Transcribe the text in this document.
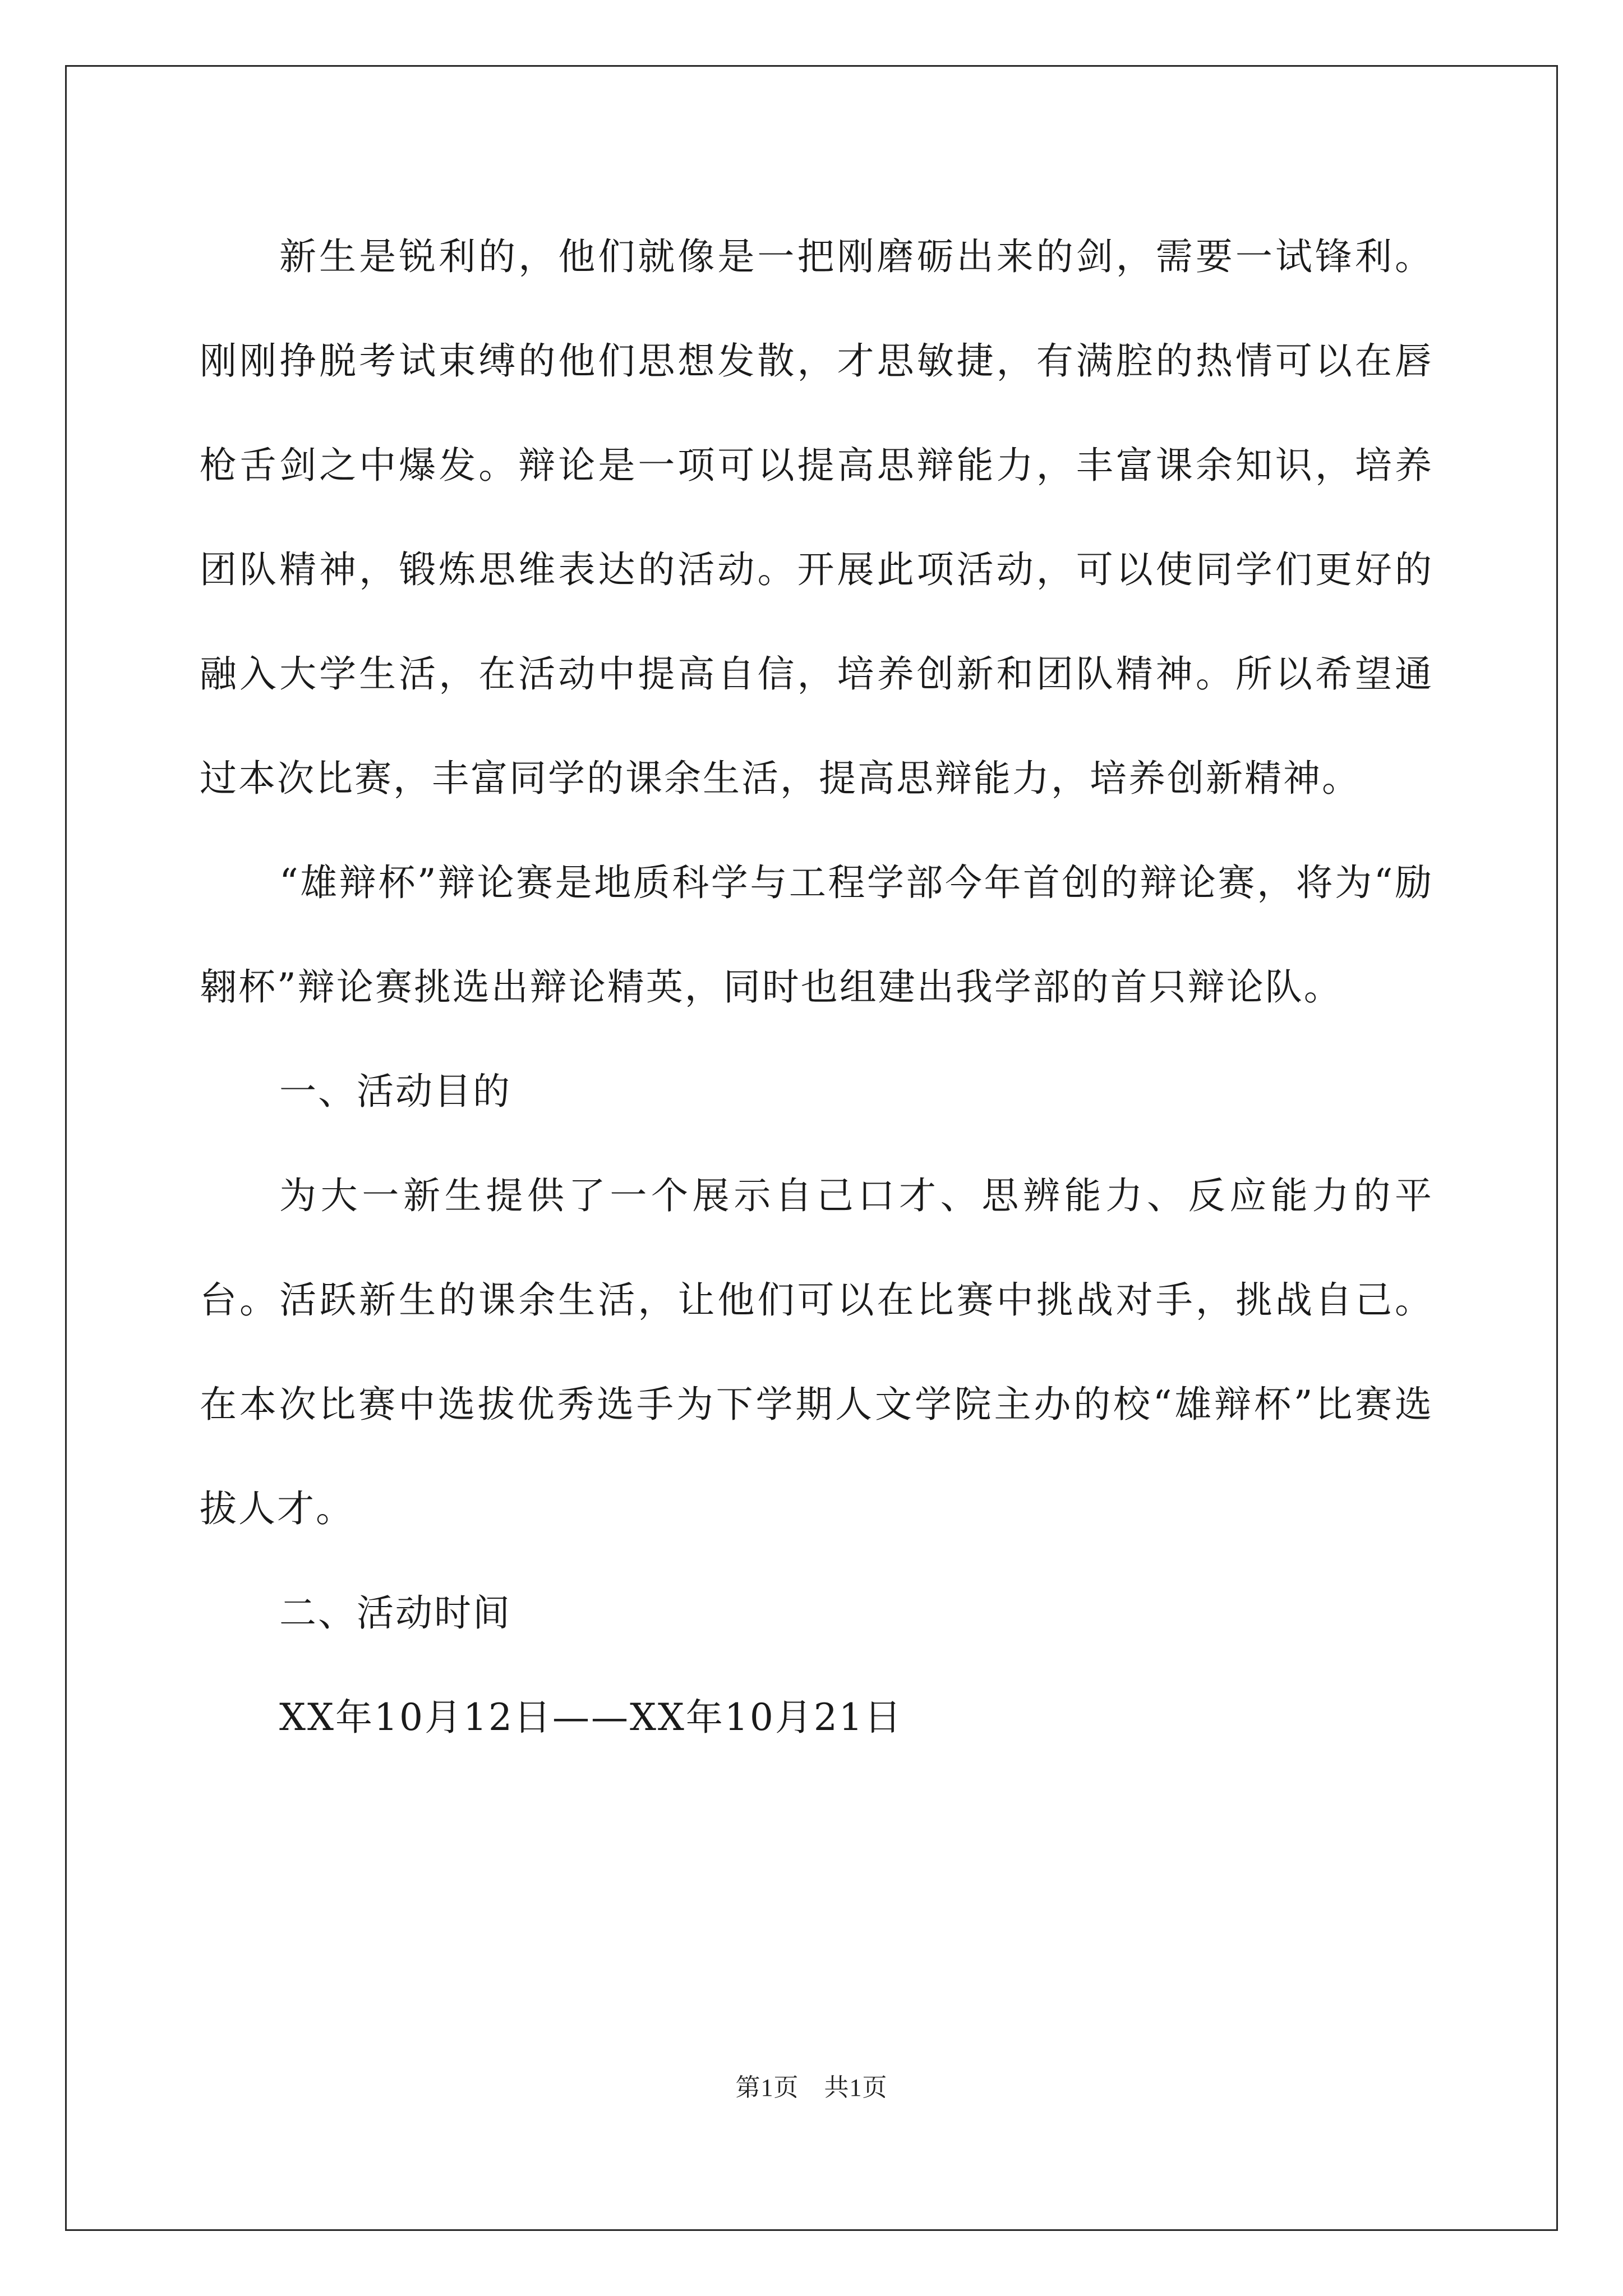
新生是锐利的，他们就像是一把刚磨砺出来的剑，需要一试锋利。刚刚挣脱考试束缚的他们思想发散，才思敏捷，有满腔的热情可以在唇枪舌剑之中爆发。辩论是一项可以提高思辩能力，丰富课余知识，培养团队精神，锻炼思维表达的活动。开展此项活动，可以使同学们更好的融入大学生活，在活动中提高自信，培养创新和团队精神。所以希望通过本次比赛，丰富同学的课余生活，提高思辩能力，培养创新精神。

“雄辩杯”辩论赛是地质科学与工程学部今年首创的辩论赛，将为“励翱杯”辩论赛挑选出辩论精英，同时也组建出我学部的首只辩论队。

一、活动目的

为大一新生提供了一个展示自己口才、思辨能力、反应能力的平台。活跃新生的课余生活，让他们可以在比赛中挑战对手，挑战自己。在本次比赛中选拔优秀选手为下学期人文学院主办的校“雄辩杯”比赛选拔人才。

二、活动时间

XX年10月12日——XX年10月21日

第1页　共1页
